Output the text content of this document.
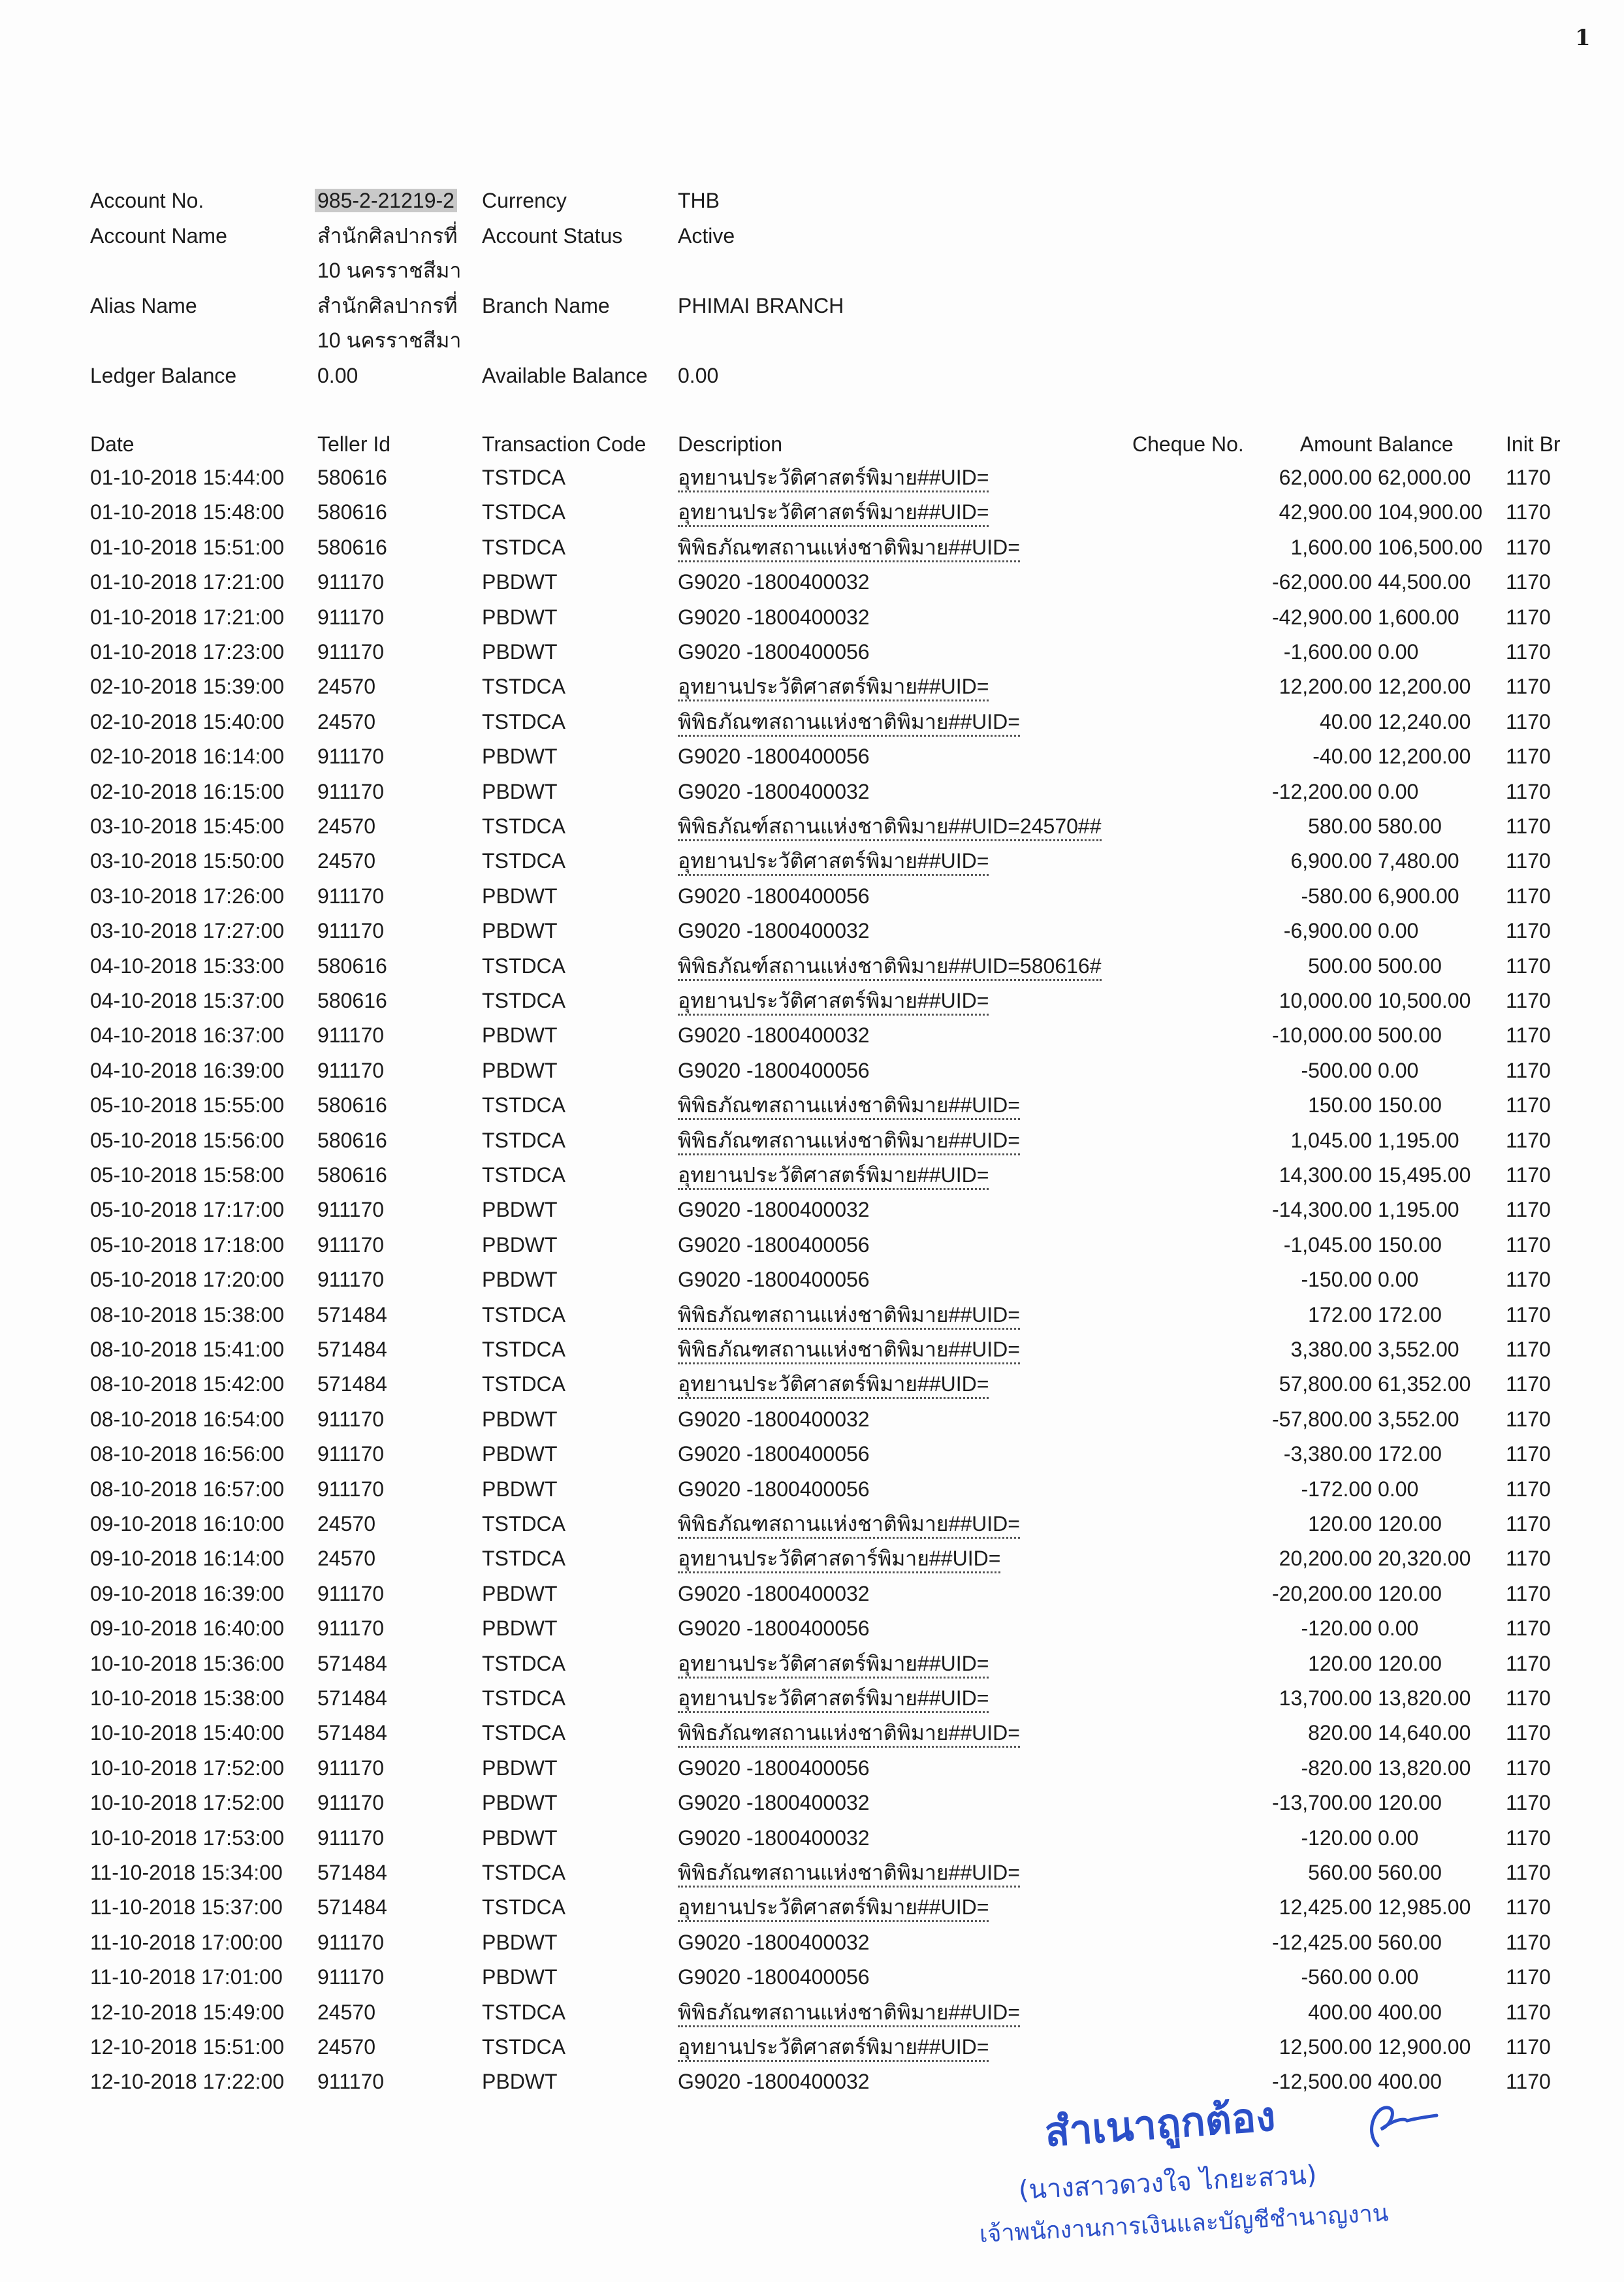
1
Account No.	985-2-21219-2 Currency	THB
Account Name	สำนักศิลปากรที่
10 นครราชสีมา
Account Status	Active
Alias Name	สำนักศิลปากรที่
10 นครราชสีมา
Branch Name	PHIMAI BRANCH
Ledger Balance	0.00	Available Balance 0.00
Date	Teller Id	Transaction Code Description	Cheque No.	Amount Balance	Init Br
01-10-2018 15:44:00 580616	TSTDCA	อุทยานประวัติศาสตร์พิมาย##UID=	62,000.00 62,000.00 1170
01-10-2018 15:48:00 580616	TSTDCA	อุทยานประวัติศาสตร์พิมาย##UID=	42,900.00 104,900.00 1170
01-10-2018 15:51:00 580616	TSTDCA	พิพิธภัณฑสถานแห่งชาติพิมาย##UID=	1,600.00 106,500.00 1170
01-10-2018 17:21:00 911170	PBDWT	G9020 -1800400032	-62,000.00 44,500.00 1170
01-10-2018 17:21:00 911170	PBDWT	G9020 -1800400032	-42,900.00 1,600.00 1170
01-10-2018 17:23:00 911170	PBDWT	G9020 -1800400056	-1,600.00 0.00	1170
02-10-2018 15:39:00 24570	TSTDCA	อุทยานประวัติศาสตร์พิมาย##UID=	12,200.00 12,200.00 1170
02-10-2018 15:40:00 24570	TSTDCA	พิพิธภัณฑสถานแห่งชาติพิมาย##UID=	40.00 12,240.00 1170
02-10-2018 16:14:00 911170	PBDWT	G9020 -1800400056	-40.00 12,200.00 1170
02-10-2018 16:15:00 911170	PBDWT	G9020 -1800400032	-12,200.00 0.00	1170
03-10-2018 15:45:00 24570	TSTDCA	พิพิธภัณฑ์สถานแห่งชาติพิมาย##UID=24570##	580.00 580.00	1170
03-10-2018 15:50:00 24570	TSTDCA	อุทยานประวัติศาสตร์พิมาย##UID=	6,900.00 7,480.00 1170
03-10-2018 17:26:00 911170	PBDWT	G9020 -1800400056	-580.00 6,900.00 1170
03-10-2018 17:27:00 911170	PBDWT	G9020 -1800400032	-6,900.00 0.00	1170
04-10-2018 15:33:00 580616	TSTDCA	พิพิธภัณฑ์สถานแห่งชาติพิมาย##UID=580616#	500.00 500.00	1170
04-10-2018 15:37:00 580616	TSTDCA	อุทยานประวัติศาสตร์พิมาย##UID=	10,000.00 10,500.00 1170
04-10-2018 16:37:00 911170	PBDWT	G9020 -1800400032	-10,000.00 500.00	1170
04-10-2018 16:39:00 911170	PBDWT	G9020 -1800400056	-500.00 0.00	1170
05-10-2018 15:55:00 580616	TSTDCA	พิพิธภัณฑสถานแห่งชาติพิมาย##UID=	150.00 150.00	1170
05-10-2018 15:56:00 580616	TSTDCA	พิพิธภัณฑสถานแห่งชาติพิมาย##UID=	1,045.00 1,195.00 1170
05-10-2018 15:58:00 580616	TSTDCA	อุทยานประวัติศาสตร์พิมาย##UID=	14,300.00 15,495.00 1170
05-10-2018 17:17:00 911170	PBDWT	G9020 -1800400032	-14,300.00 1,195.00 1170
05-10-2018 17:18:00 911170	PBDWT	G9020 -1800400056	-1,045.00 150.00	1170
05-10-2018 17:20:00 911170	PBDWT	G9020 -1800400056	-150.00 0.00	1170
08-10-2018 15:38:00 571484	TSTDCA	พิพิธภัณฑสถานแห่งชาติพิมาย##UID=	172.00 172.00	1170
08-10-2018 15:41:00 571484	TSTDCA	พิพิธภัณฑสถานแห่งชาติพิมาย##UID=	3,380.00 3,552.00 1170
08-10-2018 15:42:00 571484	TSTDCA	อุทยานประวัติศาสตร์พิมาย##UID=	57,800.00 61,352.00 1170
08-10-2018 16:54:00 911170	PBDWT	G9020 -1800400032	-57,800.00 3,552.00 1170
08-10-2018 16:56:00 911170	PBDWT	G9020 -1800400056	-3,380.00 172.00	1170
08-10-2018 16:57:00 911170	PBDWT	G9020 -1800400056	-172.00 0.00	1170
09-10-2018 16:10:00 24570	TSTDCA	พิพิธภัณฑสถานแห่งชาติพิมาย##UID=	120.00 120.00	1170
09-10-2018 16:14:00 24570	TSTDCA	อุทยานประวัติศาสดาร์พิมาย##UID=	20,200.00 20,320.00 1170
09-10-2018 16:39:00 911170	PBDWT	G9020 -1800400032	-20,200.00 120.00	1170
09-10-2018 16:40:00 911170	PBDWT	G9020 -1800400056	-120.00 0.00	1170
10-10-2018 15:36:00 571484	TSTDCA	อุทยานประวัติศาสตร์พิมาย##UID=	120.00 120.00	1170
10-10-2018 15:38:00 571484	TSTDCA	อุทยานประวัติศาสตร์พิมาย##UID=	13,700.00 13,820.00 1170
10-10-2018 15:40:00 571484	TSTDCA	พิพิธภัณฑสถานแห่งชาติพิมาย##UID=	820.00 14,640.00 1170
10-10-2018 17:52:00 911170	PBDWT	G9020 -1800400056	-820.00 13,820.00 1170
10-10-2018 17:52:00 911170	PBDWT	G9020 -1800400032	-13,700.00 120.00	1170
10-10-2018 17:53:00 911170	PBDWT	G9020 -1800400032	-120.00 0.00	1170
11-10-2018 15:34:00 571484	TSTDCA	พิพิธภัณฑสถานแห่งชาติพิมาย##UID=	560.00 560.00	1170
11-10-2018 15:37:00 571484	TSTDCA	อุทยานประวัติศาสตร์พิมาย##UID=	12,425.00 12,985.00 1170
11-10-2018 17:00:00 911170	PBDWT	G9020 -1800400032	-12,425.00 560.00	1170
11-10-2018 17:01:00 911170	PBDWT	G9020 -1800400056	-560.00 0.00	1170
12-10-2018 15:49:00 24570	TSTDCA	พิพิธภัณฑสถานแห่งชาติพิมาย##UID=	400.00 400.00	1170
12-10-2018 15:51:00 24570	TSTDCA	อุทยานประวัติศาสตร์พิมาย##UID=	12,500.00 12,900.00 1170
12-10-2018 17:22:00 911170	PBDWT	G9020 -1800400032	-12,500.00 400.00	1170
สำเนาถูกต้อง
(นางสาวดวงใจ ไกยะสวน)
เจ้าพนักงานการเงินและบัญชีชำนาญงาน
